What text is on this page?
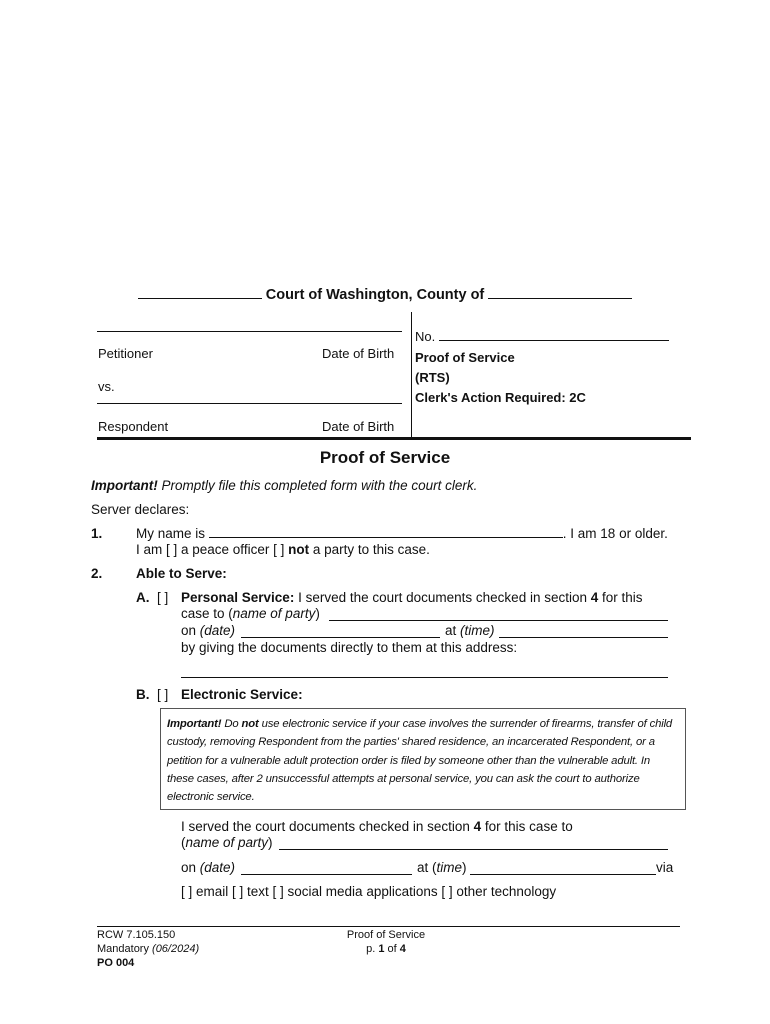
Court of Washington, County of
Petitioner	Date of Birth
vs.
Respondent	Date of Birth
No.
Proof of Service
(RTS)
Clerk's Action Required: 2C
Proof of Service
Important! Promptly file this completed form with the court clerk.
Server declares:
1. My name is	. I am 18 or older.
I am [ ] a peace officer [ ] not a party to this case.
2. Able to Serve:
A. [ ] Personal Service: I served the court documents checked in section 4 for this
case to (name of party)
on (date)	at (time)
by giving the documents directly to them at this address:
B. [ ] Electronic Service:
Important! Do not use electronic service if your case involves the surrender of firearms, transfer of child custody, removing Respondent from the parties' shared residence, an incarcerated Respondent, or a petition for a vulnerable adult protection order is filed by someone other than the vulnerable adult. In these cases, after 2 unsuccessful attempts at personal service, you can ask the court to authorize electronic service.
I served the court documents checked in section 4 for this case to
(name of party)
on (date)	at (time)	via
[ ] email [ ] text [ ] social media applications [ ] other technology
RCW 7.105.150
Mandatory (06/2024)
PO 004
Proof of Service
p. 1 of 4
